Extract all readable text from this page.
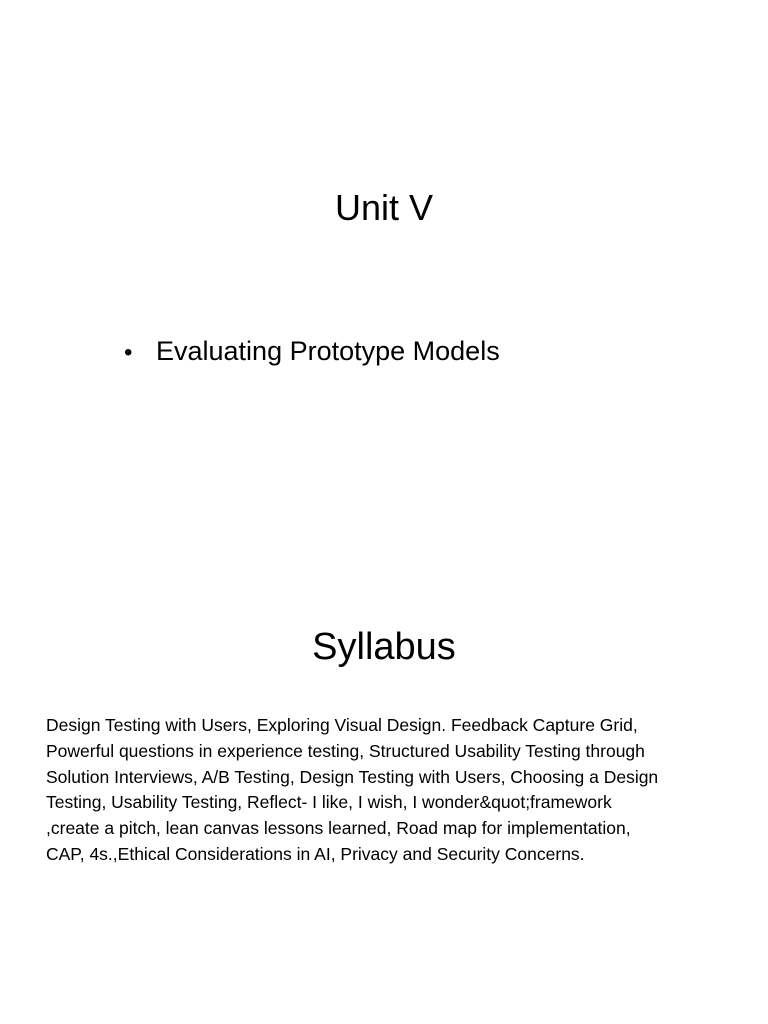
Unit V
• Evaluating Prototype Models
Syllabus
Design Testing with Users, Exploring Visual Design. Feedback Capture Grid,
Powerful questions in experience testing, Structured Usability Testing through
Solution Interviews, A/B Testing, Design Testing with Users, Choosing a Design
Testing, Usability Testing, Reflect- I like, I wish, I wonder&quot;framework
,create a pitch, lean canvas lessons learned, Road map for implementation,
CAP, 4s.,Ethical Considerations in AI, Privacy and Security Concerns.
